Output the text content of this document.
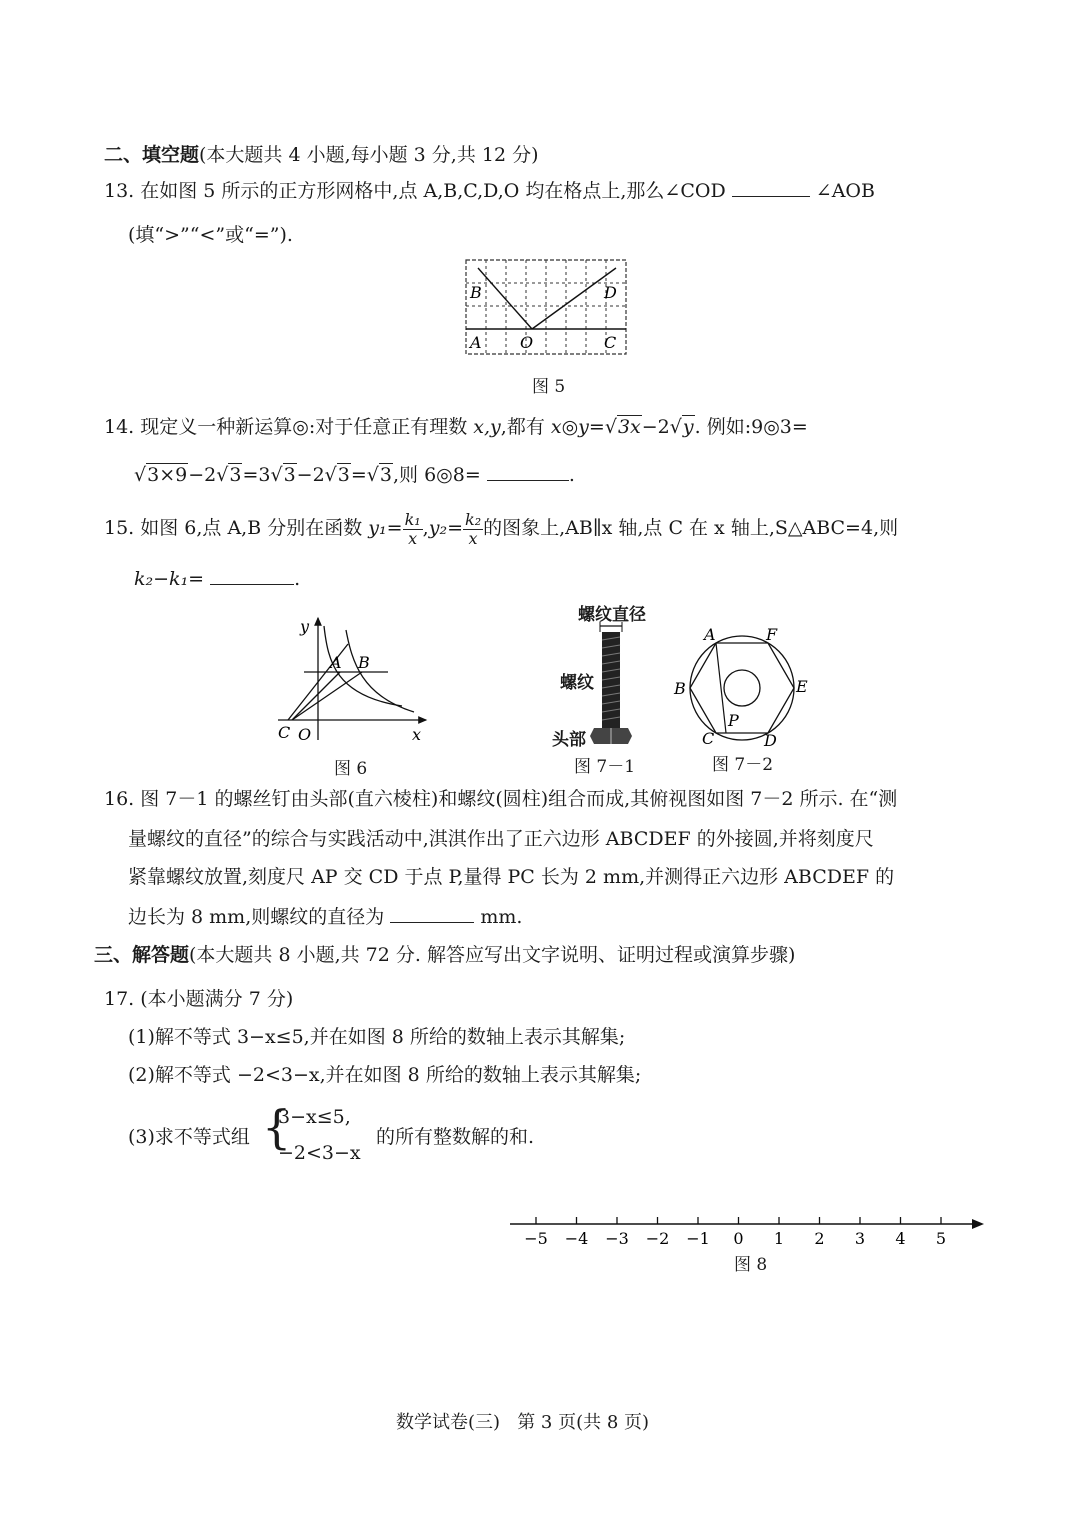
二、填空题(本大题共 4 小题,每小题 3 分,共 12 分)
13. 在如图 5 所示的正方形网格中,点 A,B,C,D,O 均在格点上,那么∠COD	∠AOB
(填“>”“<”或“=”).
A
B
O	C
D
图 5
14. 现定义一种新运算◎:对于任意正有理数 x,y,都有 x◎y=√3x−2√y. 例如:9◎3=
√3×9−2√3=3√3−2√3=√3,则 6◎8=	.
15. 如图 6,点 A,B 分别在函数 $y_1= \frac{\text{k₁}}{x} ,y_2= \frac{\text{k₂}}{x}$ 的图象上,AB∥x 轴,点 C 在 x 轴上,S△ABC=4,则
k₂−k₁=	.
y
x
A B
C O
图 6
螺纹直径
螺纹
头部
图 7－1
A	F
B	E
P
C	D
图 7－2
16. 图 7－1 的螺丝钉由头部(直六棱柱)和螺纹(圆柱)组合而成,其俯视图如图 7－2 所示. 在“测
量螺纹的直径”的综合与实践活动中,淇淇作出了正六边形 ABCDEF 的外接圆,并将刻度尺
紧靠螺纹放置,刻度尺 AP 交 CD 于点 P,量得 PC 长为 2 mm,并测得正六边形 ABCDEF 的
边长为 8 mm,则螺纹的直径为	mm.
三、解答题(本大题共 8 小题,共 72 分. 解答应写出文字说明、证明过程或演算步骤)
17. (本小题满分 7 分)
(1)解不等式 3−x≤5,并在如图 8 所给的数轴上表示其解集;
(2)解不等式 −2<3−x,并在如图 8 所给的数轴上表示其解集;
(3)求不等式组 {
3−x≤5,
−2<3−x
的所有整数解的和.
−5 −4 −3 −2 −1 0 1 2 3 4 5
图 8
数学试卷(三)   第 3 页(共 8 页)
